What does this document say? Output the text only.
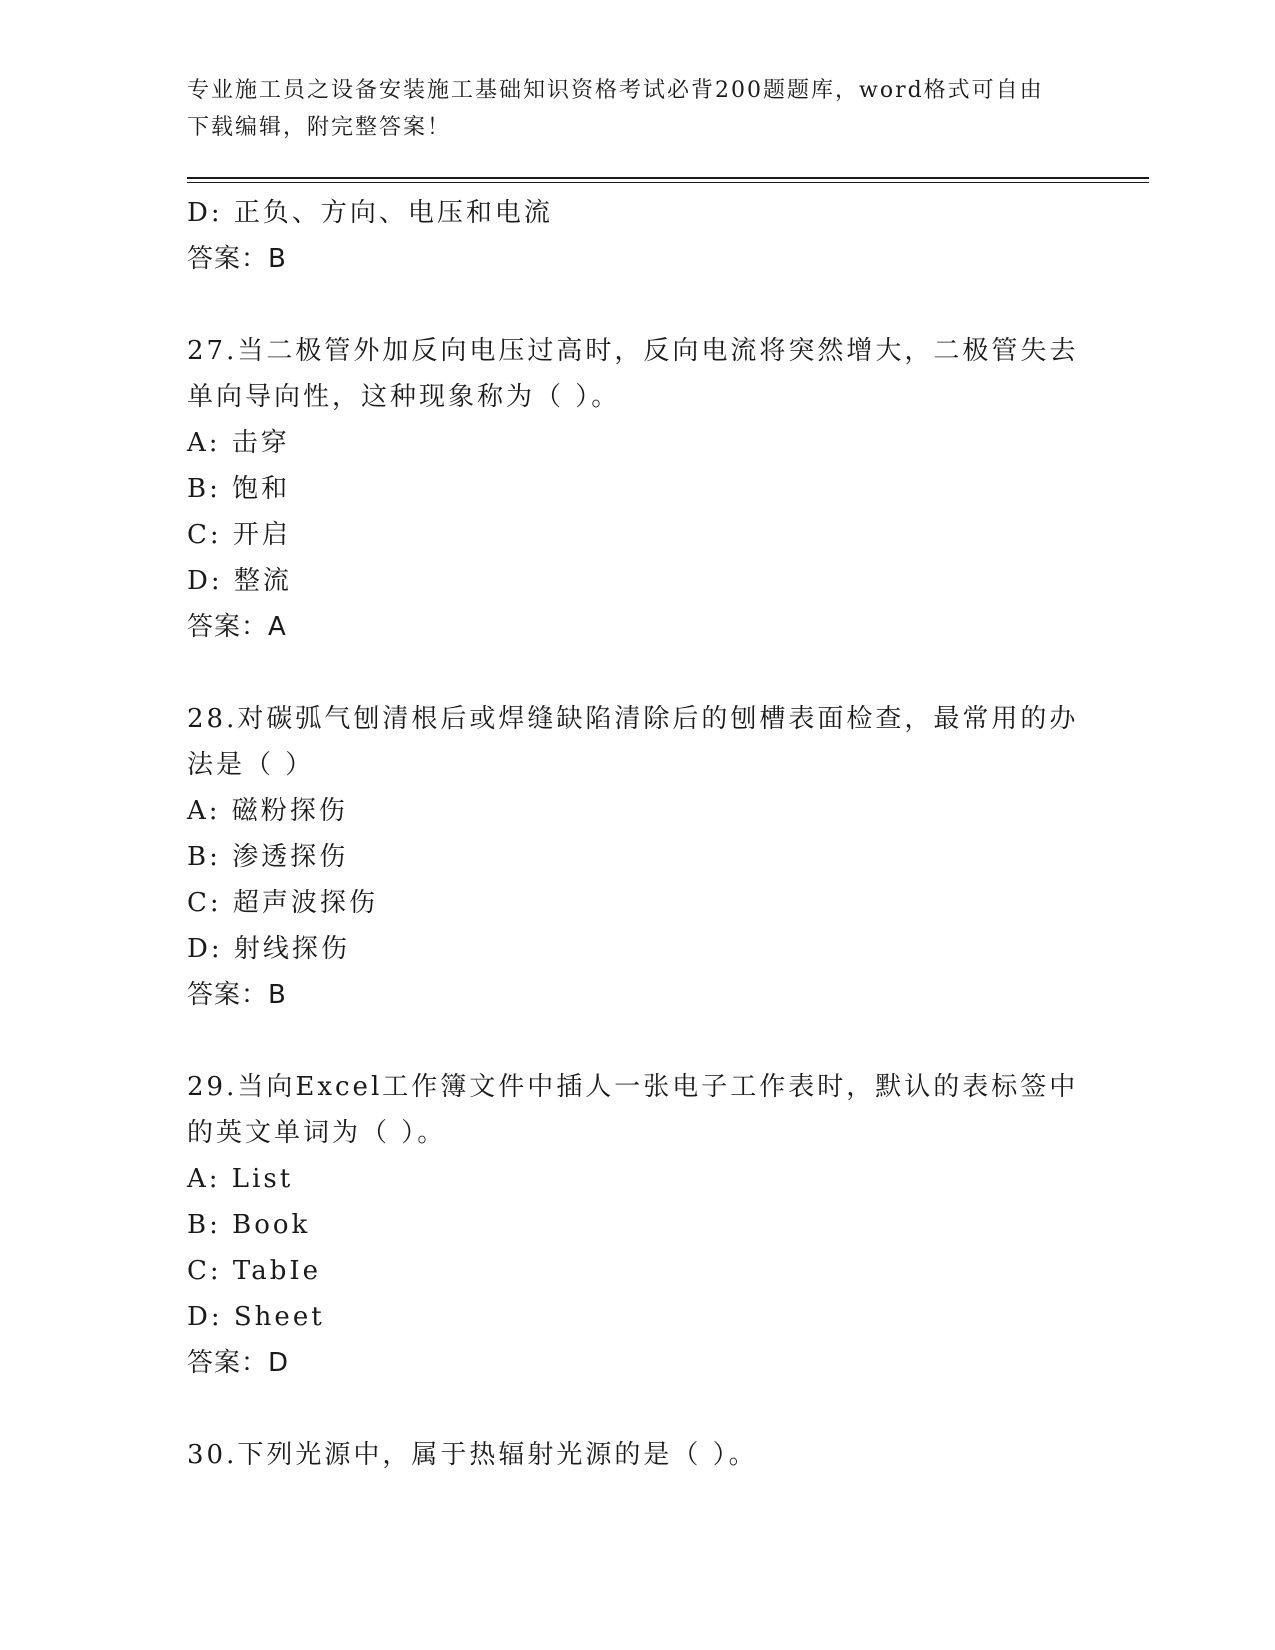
专业施工员之设备安装施工基础知识资格考试必背200题题库，word格式可自由
下载编辑，附完整答案！
D: 正负、方向、电压和电流
答案：B
27.当二极管外加反向电压过高时，反向电流将突然增大，二极管失去
单向导向性，这种现象称为（ ）。
A: 击穿
B: 饱和
C: 开启
D: 整流
答案：A
28.对碳弧气刨清根后或焊缝缺陷清除后的刨槽表面检查，最常用的办
法是（ ）
A: 磁粉探伤
B: 渗透探伤
C: 超声波探伤
D: 射线探伤
答案：B
29.当向Excel工作簿文件中插人一张电子工作表时，默认的表标签中
的英文单词为（ ）。
A: List
B: Book
C: TabIe
D: Sheet
答案：D
30.下列光源中，属于热辐射光源的是（ ）。
